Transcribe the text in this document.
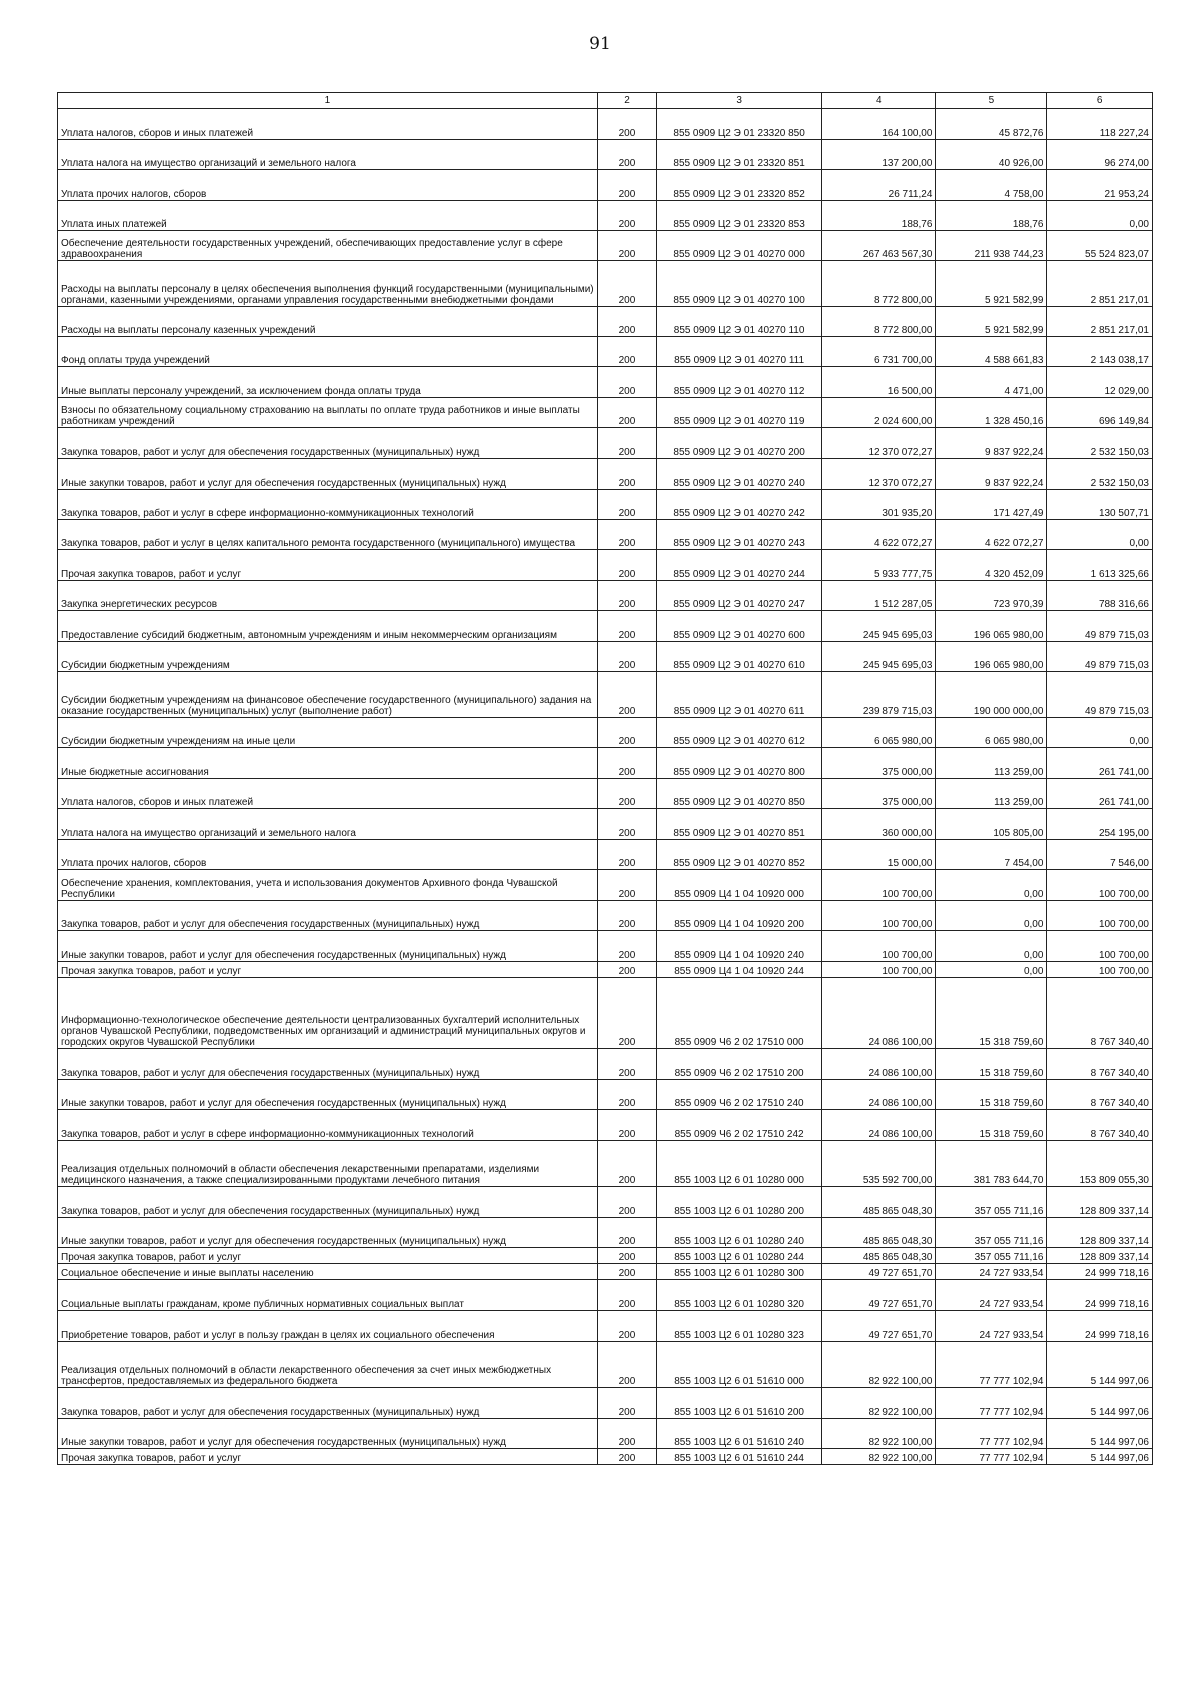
91
1	2	3	4	5	6
Уплата налогов, сборов и иных платежей	200	855 0909 Ц2 Э 01 23320 850	164 100,00	45 872,76	118 227,24
Уплата налога на имущество организаций и земельного налога	200	855 0909 Ц2 Э 01 23320 851	137 200,00	40 926,00	96 274,00
Уплата прочих налогов, сборов	200	855 0909 Ц2 Э 01 23320 852	26 711,24	4 758,00	21 953,24
Уплата иных платежей	200	855 0909 Ц2 Э 01 23320 853	188,76	188,76	0,00
Обеспечение деятельности государственных учреждений, обеспечивающих предоставление услуг в сфере здравоохранения	200	855 0909 Ц2 Э 01 40270 000	267 463 567,30	211 938 744,23	55 524 823,07
Расходы на выплаты персоналу в целях обеспечения выполнения функций государственными (муниципальными) органами, казенными учреждениями, органами управления государственными внебюджетными фондами	200	855 0909 Ц2 Э 01 40270 100	8 772 800,00	5 921 582,99	2 851 217,01
Расходы на выплаты персоналу казенных учреждений	200	855 0909 Ц2 Э 01 40270 110	8 772 800,00	5 921 582,99	2 851 217,01
Фонд оплаты труда учреждений	200	855 0909 Ц2 Э 01 40270 111	6 731 700,00	4 588 661,83	2 143 038,17
Иные выплаты персоналу учреждений, за исключением фонда оплаты труда	200	855 0909 Ц2 Э 01 40270 112	16 500,00	4 471,00	12 029,00
Взносы по обязательному социальному страхованию на выплаты по оплате труда работников и иные выплаты работникам учреждений	200	855 0909 Ц2 Э 01 40270 119	2 024 600,00	1 328 450,16	696 149,84
Закупка товаров, работ и услуг для обеспечения государственных (муниципальных) нужд	200	855 0909 Ц2 Э 01 40270 200	12 370 072,27	9 837 922,24	2 532 150,03
Иные закупки товаров, работ и услуг для обеспечения государственных (муниципальных) нужд	200	855 0909 Ц2 Э 01 40270 240	12 370 072,27	9 837 922,24	2 532 150,03
Закупка товаров, работ и услуг в сфере информационно-коммуникационных технологий	200	855 0909 Ц2 Э 01 40270 242	301 935,20	171 427,49	130 507,71
Закупка товаров, работ и услуг в целях капитального ремонта государственного (муниципального) имущества	200	855 0909 Ц2 Э 01 40270 243	4 622 072,27	4 622 072,27	0,00
Прочая закупка товаров, работ и услуг	200	855 0909 Ц2 Э 01 40270 244	5 933 777,75	4 320 452,09	1 613 325,66
Закупка энергетических ресурсов	200	855 0909 Ц2 Э 01 40270 247	1 512 287,05	723 970,39	788 316,66
Предоставление субсидий бюджетным, автономным учреждениям и иным некоммерческим организациям	200	855 0909 Ц2 Э 01 40270 600	245 945 695,03	196 065 980,00	49 879 715,03
Субсидии бюджетным учреждениям	200	855 0909 Ц2 Э 01 40270 610	245 945 695,03	196 065 980,00	49 879 715,03
Субсидии бюджетным учреждениям на финансовое обеспечение государственного (муниципального) задания на оказание государственных (муниципальных) услуг (выполнение работ)	200	855 0909 Ц2 Э 01 40270 611	239 879 715,03	190 000 000,00	49 879 715,03
Субсидии бюджетным учреждениям на иные цели	200	855 0909 Ц2 Э 01 40270 612	6 065 980,00	6 065 980,00	0,00
Иные бюджетные ассигнования	200	855 0909 Ц2 Э 01 40270 800	375 000,00	113 259,00	261 741,00
Уплата налогов, сборов и иных платежей	200	855 0909 Ц2 Э 01 40270 850	375 000,00	113 259,00	261 741,00
Уплата налога на имущество организаций и земельного налога	200	855 0909 Ц2 Э 01 40270 851	360 000,00	105 805,00	254 195,00
Уплата прочих налогов, сборов	200	855 0909 Ц2 Э 01 40270 852	15 000,00	7 454,00	7 546,00
Обеспечение хранения, комплектования, учета и использования документов Архивного фонда Чувашской Республики	200	855 0909 Ц4 1 04 10920 000	100 700,00	0,00	100 700,00
Закупка товаров, работ и услуг для обеспечения государственных (муниципальных) нужд	200	855 0909 Ц4 1 04 10920 200	100 700,00	0,00	100 700,00
Иные закупки товаров, работ и услуг для обеспечения государственных (муниципальных) нужд	200	855 0909 Ц4 1 04 10920 240	100 700,00	0,00	100 700,00
Прочая закупка товаров, работ и услуг	200	855 0909 Ц4 1 04 10920 244	100 700,00	0,00	100 700,00
Информационно-технологическое обеспечение деятельности централизованных бухгалтерий исполнительных органов Чувашской Республики, подведомственных им организаций и администраций муниципальных округов и городских округов Чувашской Республики	200	855 0909 Ч6 2 02 17510 000	24 086 100,00	15 318 759,60	8 767 340,40
Закупка товаров, работ и услуг для обеспечения государственных (муниципальных) нужд	200	855 0909 Ч6 2 02 17510 200	24 086 100,00	15 318 759,60	8 767 340,40
Иные закупки товаров, работ и услуг для обеспечения государственных (муниципальных) нужд	200	855 0909 Ч6 2 02 17510 240	24 086 100,00	15 318 759,60	8 767 340,40
Закупка товаров, работ и услуг в сфере информационно-коммуникационных технологий	200	855 0909 Ч6 2 02 17510 242	24 086 100,00	15 318 759,60	8 767 340,40
Реализация отдельных полномочий в области обеспечения лекарственными препаратами, изделиями медицинского назначения, а также специализированными продуктами лечебного питания	200	855 1003 Ц2 6 01 10280 000	535 592 700,00	381 783 644,70	153 809 055,30
Закупка товаров, работ и услуг для обеспечения государственных (муниципальных) нужд	200	855 1003 Ц2 6 01 10280 200	485 865 048,30	357 055 711,16	128 809 337,14
Иные закупки товаров, работ и услуг для обеспечения государственных (муниципальных) нужд	200	855 1003 Ц2 6 01 10280 240	485 865 048,30	357 055 711,16	128 809 337,14
Прочая закупка товаров, работ и услуг	200	855 1003 Ц2 6 01 10280 244	485 865 048,30	357 055 711,16	128 809 337,14
Социальное обеспечение и иные выплаты населению	200	855 1003 Ц2 6 01 10280 300	49 727 651,70	24 727 933,54	24 999 718,16
Социальные выплаты гражданам, кроме публичных нормативных социальных выплат	200	855 1003 Ц2 6 01 10280 320	49 727 651,70	24 727 933,54	24 999 718,16
Приобретение товаров, работ и услуг в пользу граждан в целях их социального обеспечения	200	855 1003 Ц2 6 01 10280 323	49 727 651,70	24 727 933,54	24 999 718,16
Реализация отдельных полномочий в области лекарственного обеспечения за счет иных межбюджетных трансфертов, предоставляемых из федерального бюджета	200	855 1003 Ц2 6 01 51610 000	82 922 100,00	77 777 102,94	5 144 997,06
Закупка товаров, работ и услуг для обеспечения государственных (муниципальных) нужд	200	855 1003 Ц2 6 01 51610 200	82 922 100,00	77 777 102,94	5 144 997,06
Иные закупки товаров, работ и услуг для обеспечения государственных (муниципальных) нужд	200	855 1003 Ц2 6 01 51610 240	82 922 100,00	77 777 102,94	5 144 997,06
Прочая закупка товаров, работ и услуг	200	855 1003 Ц2 6 01 51610 244	82 922 100,00	77 777 102,94	5 144 997,06
